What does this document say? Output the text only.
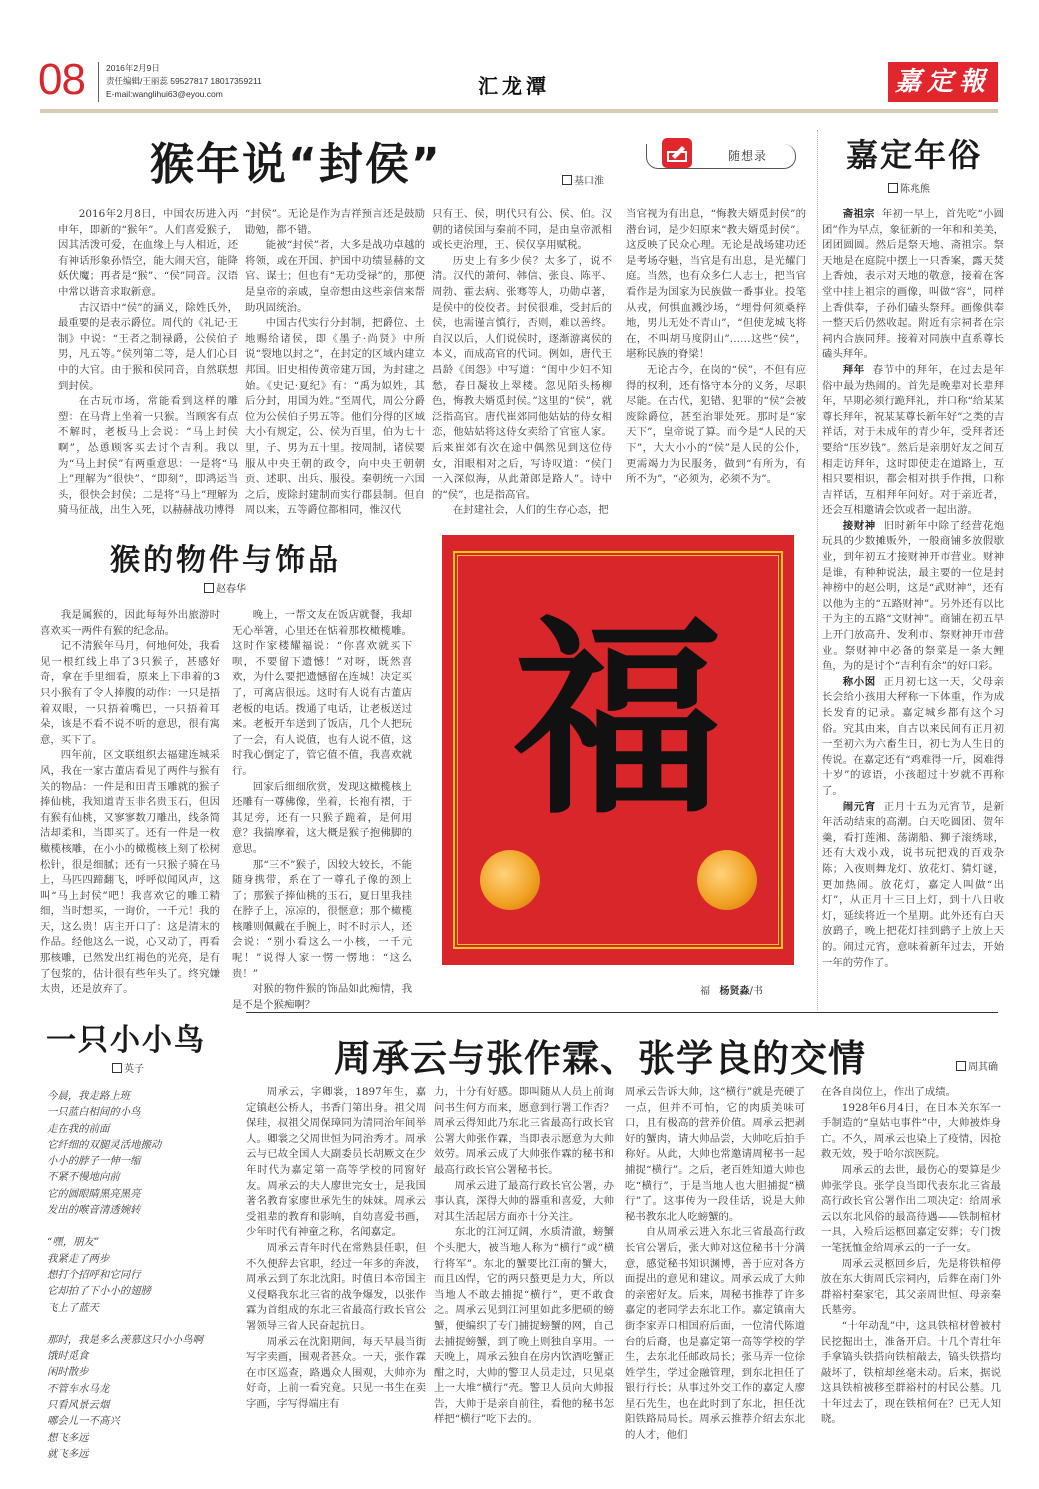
08 2016年2月9日
责任编辑/王丽蕊 59527817 18017359211
E-mail:wanglihui63@eyou.com	汇龙潭	嘉定報
猴年说“封侯”	基口淮
随想录

2016年2月8日，中国农历进入丙申年，即新的“猴年”。人们喜爱猴子，因其活泼可爱，在血缘上与人相近，还有神话形象孙悟空，能大闹天宫，能降妖伏魔；再者是“猴”、“侯”同音。汉语中常以谐音求取新意。

古汉语中“侯”的涵义，除姓氏外，最重要的是表示爵位。周代的《礼记·王制》中说：“王者之制禄爵，公侯伯子男，凡五等。”侯列第二等，是人们心目中的大官。由于猴和侯同音，自然联想到封侯。

在古玩市场，常能看到这样的雕塑：在马背上坐着一只猴。当顾客有点不解时，老板马上会说：“马上封侯啊”，怂恿顾客买去讨个吉利。我以为“马上封侯”有两重意思：一是将“马上”理解为“很快”、“即刻”，即鸿运当头，很快会封侯；二是将“马上”理解为骑马征战，出生入死，以赫赫战功博得

“封侯”。无论是作为吉祥预言还是鼓励勖勉，都不错。

能被“封侯”者，大多是战功卓越的将领，或在开国、护国中功绩显赫的文官、谋士；但也有“无功受禄”的，那便是皇帝的亲戚，皇帝想由这些亲信来帮助巩固统治。

中国古代实行分封制，把爵位、土地赐给诸侯，即《墨子·尚贤》中所说“裂地以封之”，在封定的区域内建立邦国。旧史相传黄帝建万国，为封建之始。《史记·夏纪》有：“禹为姒姓，其后分封，用国为姓。”至周代，周公分爵位为公侯伯子男五等。他们分得的区域大小有规定，公、侯为百里，伯为七十里，子、男为五十里。按周制，诸侯要服从中央王朝的政令，向中央王朝朝贡、述职、出兵、服役。秦朝统一六国之后，废除封建制而实行郡县制。但自周以来，五等爵位都相同，惟汉代

只有王、侯，明代只有公、侯、伯。汉朝的诸侯国与秦前不同，是由皇帝派相或长吏治理，王、侯仅享用赋税。

历史上有多少侯？太多了，说不清。汉代的萧何、韩信、张良、陈平、周勃、霍去病、张骞等人，功勋卓著，是侯中的佼佼者。封侯很难，受封后的侯，也需谨言慎行，否则，难以善终。自汉以后，人们说侯时，逐渐游离侯的本义，而成高官的代词。例如，唐代王昌龄《闺怨》中写道：“闺中少妇不知愁，春日凝妆上翠楼。忽见陌头杨柳色，悔教夫婿觅封侯。”这里的“侯”，就泛指高官。唐代崔郊同他姑姑的侍女相恋，他姑姑将这侍女卖给了官宦人家。后来崔郊有次在途中偶然见到这位侍女，泪眼相对之后，写诗叹道：“侯门一入深似海，从此萧郎是路人”。诗中的“侯”，也是指高官。

在封建社会，人们的生存心态，把

当官视为有出息，“悔教夫婿觅封侯”的潜台词，是少妇原来“教夫婿觅封侯”。这反映了民众心理。无论是战场建功还是考场夺魁，当官是有出息，是光耀门庭。当然，也有众多仁人志士，把当官看作是为国家为民族做一番事业。投笔从戎，何惧血溅沙场，“埋骨何须桑梓地，男儿无处不青山”，“但使龙城飞将在，不叫胡马度阴山”……这些“侯”，堪称民族的脊梁！

无论古今，在岗的“侯”，不但有应得的权利，还有恪守本分的义务，尽职尽能。在古代，犯错、犯罪的“侯”会被废除爵位，甚至治罪处死。那时是“家天下”，皇帝说了算。而今是“人民的天下”，大大小小的“侯”是人民的公仆，更需竭力为民服务，做到“有所为，有所不为”，“必须为，必须不为”。

嘉定年俗
陈兆熊

斋祖宗 年初一早上，首先吃“小圆团”作为早点，象征新的一年和和美美，团团圆圆。然后是祭天地、斋祖宗。祭天地是在庭院中摆上一只香案，露天焚上香烛，表示对天地的敬意，接着在客堂中挂上祖宗的画像，叫做“容”，同样上香供奉，子孙们磕头祭拜。画像供奉一整天后仍然收起。附近有宗祠者在宗祠内合族同拜。接着对同族中直系尊长磕头拜年。

拜年 春节中的拜年，在过去是年俗中最为热闹的。首先是晚辈对长辈拜年，早期必须行跪拜礼，并口称“给某某尊长拜年，祝某某尊长新年好”之类的吉祥话，对于未成年的青少年，受拜者还要给“压岁钱”。然后是亲朋好友之间互相走访拜年，这时即使走在道路上，互相只要相识，都会相对拱手作揖，口称吉祥话，互相拜年问好。对于亲近者，还会互相邀请会饮或者一起出游。

接财神 旧时新年中除了经营花炮玩具的少数摊贩外，一般商铺多放假歇业，到年初五才接财神开市营业。财神是谁，有种种说法，最主要的一位是封神榜中的赵公明，这是“武财神”，还有以他为主的“五路财神”。另外还有以比干为主的五路“文财神”。商铺在初五早上开门放高升、发利市、祭财神开市营业。祭财神中必备的祭菜是一条大鲤鱼，为的是讨个“吉利有余”的好口彩。

称小囡 正月初七这一天，父母亲长会给小孩用大秤称一下体重，作为成长发育的记录。嘉定城乡都有这个习俗。究其由来，自古以来民间有正月初一至初六为六畜生日，初七为人生日的传说。在嘉定还有“鸡难得一斤，囡难得十岁”的谚语，小孩超过十岁就不再称了。

闹元宵 正月十五为元宵节，是新年活动结束的高潮。白天吃圆团、贺年羹，看打莲湘、荡湖船、狮子滚绣球，还有大戏小戏，说书玩把戏的百戏杂陈；入夜则舞龙灯、放花灯、猜灯谜，更加热闹。放花灯，嘉定人叫做“出灯”，从正月十三日上灯，到十八日收灯，延续将近一个星期。此外还有白天放鹞子，晚上把花灯挂到鹞子上放上天的。闹过元宵，意味着新年过去，开始一年的劳作了。

猴的物件与饰品
赵春华

我是属猴的，因此每每外出旅游时喜欢买一两件有猴的纪念品。

记不清猴年马月，何地何处，我看见一根红线上串了3只猴子，甚感好奇，拿在手里细看，原来上下串着的3只小猴有了令人捧腹的动作：一只是捂着双眼，一只捂着嘴巴，一只捂着耳朵，该是不看不说不听的意思，很有寓意，买下了。

四年前，区文联组织去福建连城采风，我在一家古董店看见了两件与猴有关的物品：一件是和田青玉雕就的猴子捧仙桃，我知道青玉非名贵玉石，但因有猴有仙桃，又寥寥数刀雕出，线条简洁却柔和，当即买了。还有一件是一枚橄榄核雕，在小小的橄榄核上刻了松树松针，很是细腻；还有一只猴子骑在马上，马匹四蹄翻飞，呼呼似闻风声，这叫“马上封侯”吧！我喜欢它的雕工精细，当时想买，一询价，一千元！我的天，这么贵！店主开口了：这是清末的作品。经他这么一说，心又动了，再看那核雕，已然发出红褐色的光亮，是有了包浆的，估计很有些年头了。终究嫌太贵，还是放弃了。

晚上，一帮文友在饭店就餐，我却无心举箸，心里还在惦着那枚橄榄雕。这时作家楼耀福说：“你喜欢就买下呗，不要留下遗憾！”对呀，既然喜欢，为什么要把遗憾留在连城！决定买了，可离店很远。这时有人说有古董店老板的电话。拨通了电话，让老板送过来。老板开车送到了饭店，几个人把玩了一会，有人说值，也有人说不值，这时我心倒定了，管它值不值，我喜欢就行。

回家后细细欣赏，发现这橄榄核上还雕有一尊佛像，坐着，长袍有褶，于其足旁，还有一只猴子跪着，是何用意？我揣摩着，这大概是猴子抱佛脚的意思。

那“三不”猴子，因较大较长，不能随身携带，系在了一尊孔子像的颈上了；那猴子捧仙桃的玉石，夏日里我挂在脖子上，凉凉的，很惬意；那个橄榄核雕则佩戴在手腕上，时不时示人，还会说：“别小看这么一小核，一千元呢！”说得人家一愣一愣地：“这么贵！”

对猴的物件猴的饰品如此痴情，我是不是个猴痴啊？

福
福 杨贤淼/书
一只小小鸟
英子
今晨，我走路上班
一只蓝白相间的小鸟
走在我的前面
它纤细的双腿灵活地搬动
小小的脖子一伸一缩
不紧不慢地向前
它的圆眼睛黑亮黑亮
发出的喉音清透婉转
“嘿，朋友”
我紧走了两步
想打个招呼和它同行
它却拍了下小小的翅膀
飞上了蓝天
那时，我是多么羡慕这只小小鸟啊
饿时觅食
闲时散步
不管车水马龙
只看风景云烟
哪会儿一不高兴
想飞多远
就飞多远
周承云与张作霖、张学良的交情	周其确

周承云，字卿裳，1897年生，嘉定镇赵公桥人，书香门第出身。祖父周保珪，叔祖父周保璋同为清同治年间举人。卿裳之父周世恒为同治秀才。周承云与已故全国人大副委员长胡厥文在少年时代为嘉定第一高等学校的同窗好友。周承云的夫人廖世完女士，是我国著名教育家廖世承先生的妹妹。周承云受祖辈的教育和影响，自幼喜爱书画，少年时代有神童之称，名闻嘉定。

周承云青年时代在常熟县任职，但不久便辞去官职，经过一年多的奔波，周承云到了东北沈阳。时值日本帝国主义侵略我东北三省的战争爆发，以张作霖为首组成的东北三省最高行政长官公署领导三省人民奋起抗日。

周承云在沈阳期间，每天早晨当街写字卖画，围观者甚众。一天，张作霖在市区巡查，路遇众人围观，大帅亦为好奇，上前一看究竟。只见一书生在卖字画，字写得端庄有

力，十分有好感。即叫随从人员上前询问书生何方而来，愿意到行署工作否？周承云得知此乃东北三省最高行政长官公署大帅张作霖，当即表示愿意为大帅效劳。周承云成了大帅张作霖的秘书和最高行政长官公署秘书长。

周承云进了最高行政长官公署，办事认真，深得大帅的器重和喜爱，大帅对其生活起居方面亦十分关注。

东北的江河辽阔，水质清澈，螃蟹个头肥大，被当地人称为“横行”或“横行将军”。东北的蟹要比江南的蟹大，而且凶悍，它的两只螯更是力大，所以当地人不敢去捕捉“横行”，更不敢食之。周承云见到江河里如此多肥硕的螃蟹，便编织了专门捕捉螃蟹的网，自己去捕捉螃蟹，到了晚上则独自享用。一天晚上，周承云独自在房内饮酒吃蟹正酣之时，大帅的警卫人员走过，只见桌上一大堆“横行”壳。警卫人员向大帅报告，大帅于是亲自前往，看他的秘书怎样把“横行”吃下去的。

周承云告诉大帅，这“横行”就是壳硬了一点，但并不可怕，它的肉质美味可口，且有极高的营养价值。周承云把剥好的蟹肉，请大帅品尝，大帅吃后拍手称好。从此，大帅也常邀请周秘书一起捕捉“横行”。之后，老百姓知道大帅也吃“横行”，于是当地人也大胆捕捉“横行”了。这事传为一段佳话，说是大帅秘书教东北人吃螃蟹的。

自从周承云进入东北三省最高行政长官公署后，张大帅对这位秘书十分满意，感觉秘书知识渊博，善于应对各方面提出的意见和建议。周承云成了大帅的亲密好友。后来，周秘书推荐了许多嘉定的老同学去东北工作。嘉定镇南大街李家弄口相国府后面，一位清代陈道台的后裔，也是嘉定第一高等学校的学生，去东北任邮政局长；张马弄一位徐姓学生，学过金融管理，到东北担任了银行行长；从事过外交工作的嘉定人廖星石先生，也在此时到了东北，担任沈阳铁路局局长。周承云推荐介绍去东北的人才，他们

在各自岗位上，作出了成绩。

1928年6月4日，在日本关东军一手制造的“皇姑屯事件”中，大帅被炸身亡。不久，周承云也染上了疫情，因抢救无效，殁于哈尔滨医院。

周承云的去世，最伤心的要算是少帅张学良。张学良当即代表东北三省最高行政长官公署作出二项决定：给周承云以东北风俗的最高待遇——铁制棺材一具，入殓后运柩回嘉定安葬；专门拨一笔抚恤金给周承云的一子一女。

周承云灵柩回乡后，先是将铁棺停放在东大街周氏宗祠内，后葬在南门外群裕村秦家宅，其父亲周世恒、母亲秦氏墓旁。

“十年动乱”中，这具铁棺材曾被村民挖掘出土，准备开启。十几个青壮年手拿镐头铁搭向铁棺敲去，镐头铁搭均敲坏了，铁棺却丝毫未动。后来，据说这具铁棺被移至群裕村的村民公墓。几十年过去了，现在铁棺何在？已无人知晓。
